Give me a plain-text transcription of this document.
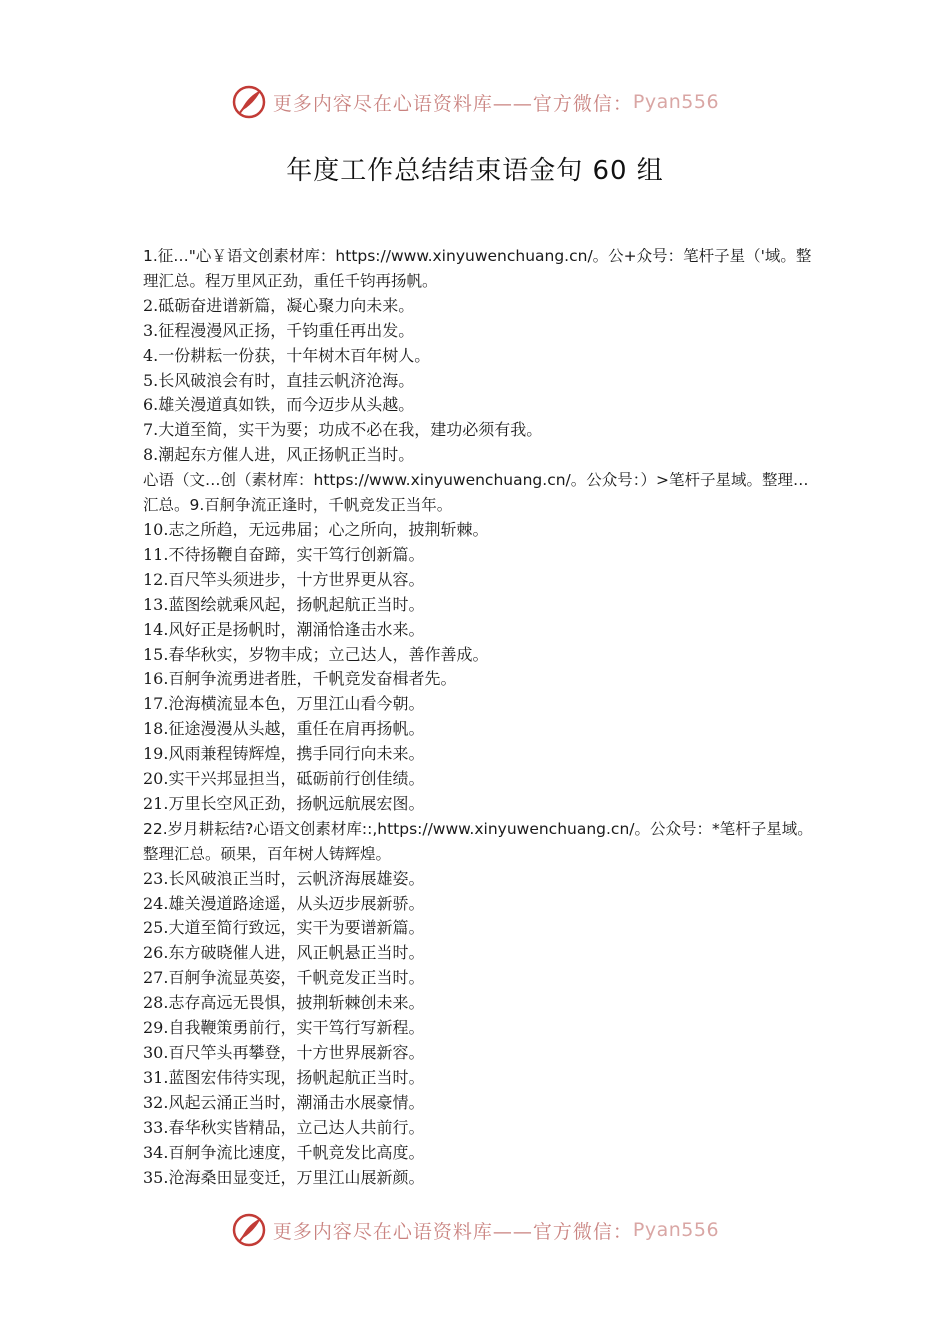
更多内容尽在心语资料库——官方微信： Pyan556
年度工作总结结束语金句 60 组
1.征…"心￥语文创素材库：https://www.xinyuwenchuang.cn/。公+众号：笔杆子星（'域。整理汇总。程万里风正劲，重任千钧再扬帆。
2.砥砺奋进谱新篇，凝心聚力向未来。
3.征程漫漫风正扬，千钧重任再出发。
4.一份耕耘一份获，十年树木百年树人。
5.长风破浪会有时，直挂云帆济沧海。
6.雄关漫道真如铁，而今迈步从头越。
7.大道至简，实干为要；功成不必在我，建功必须有我。
8.潮起东方催人进，风正扬帆正当时。
心语（文…创（素材库：https://www.xinyuwenchuang.cn/。公众号：）>笔杆子星域。整理…汇总。9.百舸争流正逢时，千帆竞发正当年。
10.志之所趋，无远弗届；心之所向，披荆斩棘。
11.不待扬鞭自奋蹄，实干笃行创新篇。
12.百尺竿头须进步，十方世界更从容。
13.蓝图绘就乘风起，扬帆起航正当时。
14.风好正是扬帆时，潮涌恰逢击水来。
15.春华秋实，岁物丰成；立己达人，善作善成。
16.百舸争流勇进者胜，千帆竞发奋楫者先。
17.沧海横流显本色，万里江山看今朝。
18.征途漫漫从头越，重任在肩再扬帆。
19.风雨兼程铸辉煌，携手同行向未来。
20.实干兴邦显担当，砥砺前行创佳绩。
21.万里长空风正劲，扬帆远航展宏图。
22.岁月耕耘结?心语文创素材库::,https://www.xinyuwenchuang.cn/。公众号：*笔杆子星域。整理汇总。硕果，百年树人铸辉煌。
23.长风破浪正当时，云帆济海展雄姿。
24.雄关漫道路途遥，从头迈步展新骄。
25.大道至简行致远，实干为要谱新篇。
26.东方破晓催人进，风正帆悬正当时。
27.百舸争流显英姿，千帆竞发正当时。
28.志存高远无畏惧，披荆斩棘创未来。
29.自我鞭策勇前行，实干笃行写新程。
30.百尺竿头再攀登，十方世界展新容。
31.蓝图宏伟待实现，扬帆起航正当时。
32.风起云涌正当时，潮涌击水展豪情。
33.春华秋实皆精品，立己达人共前行。
34.百舸争流比速度，千帆竞发比高度。
35.沧海桑田显变迁，万里江山展新颜。
更多内容尽在心语资料库——官方微信： Pyan556
